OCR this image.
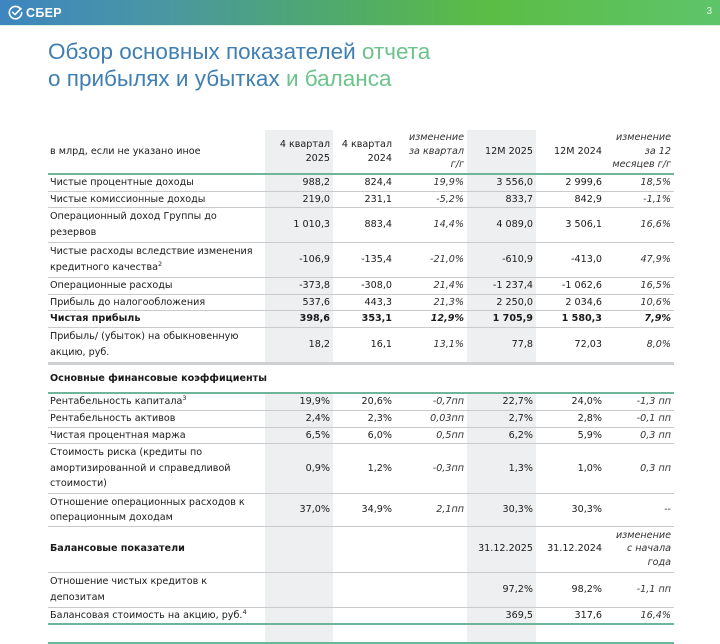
СБЕР	3
Обзор основных показателей отчета
о прибылях и убытках и баланса
в млрд, если не указано иное	4 квартал 2025	4 квартал 2024	изменение за квартал г/г	12М 2025	12М 2024	изменение за 12 месяцев г/г
Чистые процентные доходы	988,2	824,4	19,9%	3 556,0	2 999,6	18,5%
Чистые комиссионные доходы	219,0	231,1	-5,2%	833,7	842,9	-1,1%
Операционный доход Группы до резервов	1 010,3	883,4	14,4%	4 089,0	3 506,1	16,6%
Чистые расходы вследствие изменения кредитного качества$^2$	-106,9	-135,4	-21,0%	-610,9	-413,0	47,9%
Операционные расходы	-373,8	-308,0	21,4%	-1 237,4	-1 062,6	16,5%
Прибыль до налогообложения	537,6	443,3	21,3%	2 250,0	2 034,6	10,6%
Чистая прибыль	398,6	353,1	12,9%	1 705,9	1 580,3	7,9%
Прибыль/ (убыток) на обыкновенную акцию, руб.	18,2	16,1	13,1%	77,8	72,03	8,0%
Основные финансовые коэффициенты						
Рентабельность капитала$^3$	19,9%	20,6%	-0,7пп	22,7%	24,0%	-1,3 пп
Рентабельность активов	2,4%	2,3%	0,03пп	2,7%	2,8%	-0,1 пп
Чистая процентная маржа	6,5%	6,0%	0,5пп	6,2%	5,9%	0,3 пп
Стоимость риска (кредиты по амортизированной и справедливой стоимости)	0,9%	1,2%	-0,3пп	1,3%	1,0%	0,3 пп
Отношение операционных расходов к операционным доходам	37,0%	34,9%	2,1пп	30,3%	30,3%	--
Балансовые показатели				31.12.2025	31.12.2024	изменение с начала года
Отношение чистых кредитов к депозитам				97,2%	98,2%	-1,1 пп
Балансовая стоимость на акцию, руб.$^4$				369,5	317,6	16,4%
